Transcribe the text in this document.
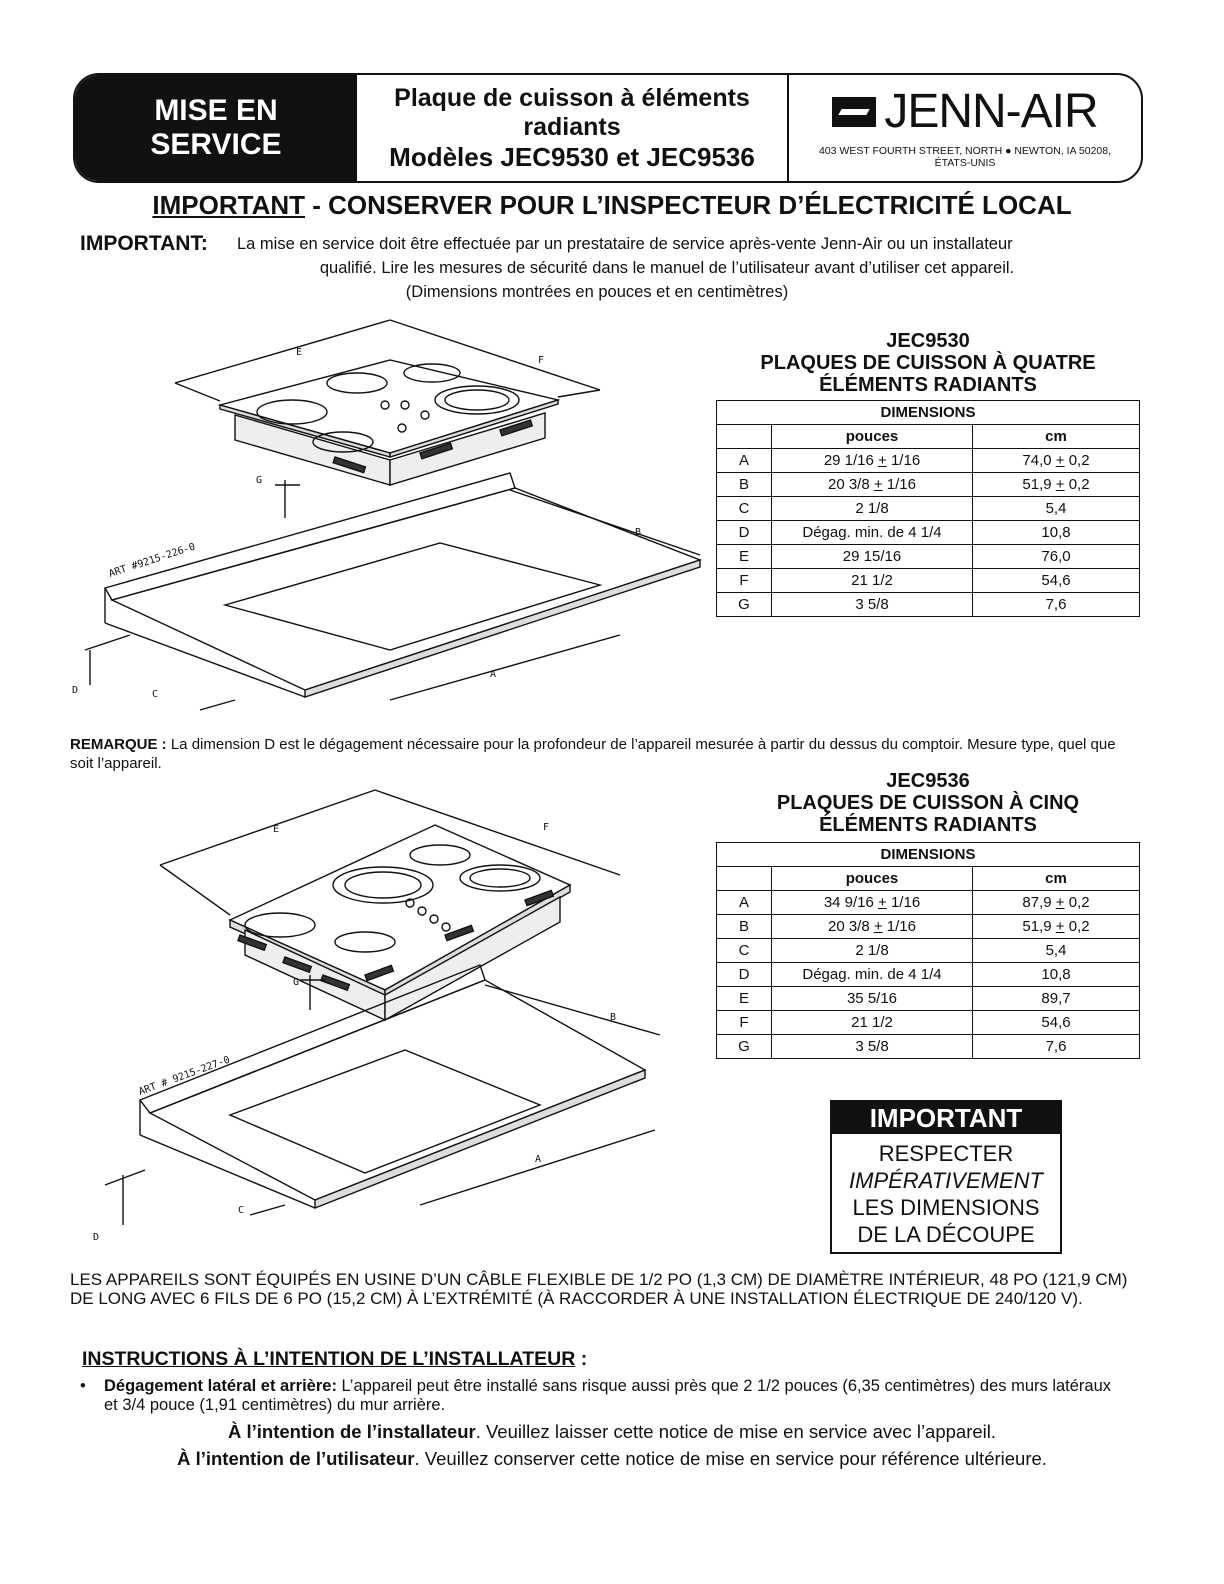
MISE EN
SERVICE
Plaque de cuisson à éléments
radiants
Modèles JEC9530 et JEC9536
JENN-AIR
403 WEST FOURTH STREET, NORTH ● NEWTON, IA 50208,
ÉTATS-UNIS
IMPORTANT - CONSERVER POUR L’INSPECTEUR D’ÉLECTRICITÉ LOCAL
IMPORTANT: La mise en service doit être effectuée par un prestataire de service après-vente Jenn-Air ou un installateur
qualifié. Lire les mesures de sécurité dans le manuel de l’utilisateur avant d’utiliser cet appareil.
(Dimensions montrées en pouces et en centimètres)
E
F
G
B
A
C
D
ART #9215-226-0
JEC9530
PLAQUES DE CUISSON À QUATRE
ÉLÉMENTS RADIANTS
DIMENSIONS		
	pouces	cm
A	29 1/16 + 1/16	74,0 + 0,2
B	20 3/8 + 1/16	51,9 + 0,2
C	2 1/8	5,4
D	Dégag. min. de 4 1/4	10,8
E	29 15/16	76,0
F	21 1/2	54,6
G	3 5/8	7,6
REMARQUE : La dimension D est le dégagement nécessaire pour la profondeur de l’appareil mesurée à partir du dessus du comptoir. Mesure type, quel que soit l’appareil.
E	F
G
B
A
C
D
ART # 9215-227-0
JEC9536
PLAQUES DE CUISSON À CINQ
ÉLÉMENTS RADIANTS
DIMENSIONS		
	pouces	cm
A	34 9/16 + 1/16	87,9 + 0,2
B	20 3/8 + 1/16	51,9 + 0,2
C	2 1/8	5,4
D	Dégag. min. de 4 1/4	10,8
E	35 5/16	89,7
F	21 1/2	54,6
G	3 5/8	7,6
IMPORTANT
RESPECTER
IMPÉRATIVEMENT
LES DIMENSIONS
DE LA DÉCOUPE
LES APPAREILS SONT ÉQUIPÉS EN USINE D’UN CÂBLE FLEXIBLE DE 1/2 PO (1,3 CM) DE DIAMÈTRE INTÉRIEUR, 48 PO (121,9 CM) DE LONG AVEC 6 FILS DE 6 PO (15,2 CM) À L’EXTRÉMITÉ (À RACCORDER À UNE INSTALLATION ÉLECTRIQUE DE 240/120 V).
INSTRUCTIONS À L’INTENTION DE L’INSTALLATEUR :
•	Dégagement latéral et arrière: L’appareil peut être installé sans risque aussi près que 2 1/2 pouces (6,35 centimètres) des murs latéraux et 3/4 pouce (1,91 centimètres) du mur arrière.
À l’intention de l’installateur. Veuillez laisser cette notice de mise en service avec l’appareil.
À l’intention de l’utilisateur. Veuillez conserver cette notice de mise en service pour référence ultérieure.
